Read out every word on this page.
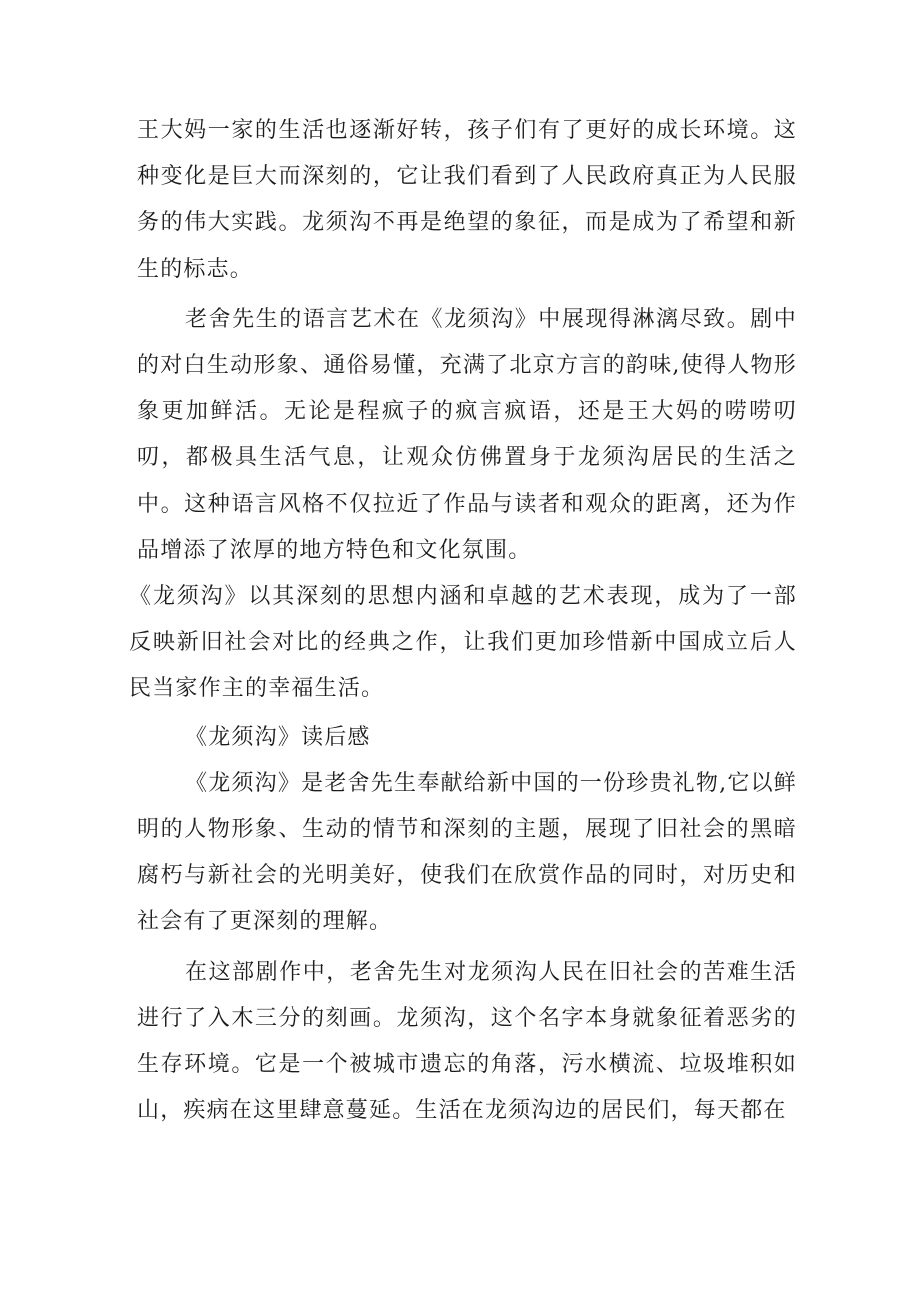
王大妈一家的生活也逐渐好转，孩子们有了更好的成长环境。这种变化是巨大而深刻的，它让我们看到了人民政府真正为人民服务的伟大实践。龙须沟不再是绝望的象征，而是成为了希望和新生的标志。

老舍先生的语言艺术在《龙须沟》中展现得淋漓尽致。剧中的对白生动形象、通俗易懂，充满了北京方言的韵味,使得人物形象更加鲜活。无论是程疯子的疯言疯语，还是王大妈的唠唠叨叨，都极具生活气息，让观众仿佛置身于龙须沟居民的生活之中。这种语言风格不仅拉近了作品与读者和观众的距离，还为作品增添了浓厚的地方特色和文化氛围。

《龙须沟》以其深刻的思想内涵和卓越的艺术表现，成为了一部反映新旧社会对比的经典之作，让我们更加珍惜新中国成立后人民当家作主的幸福生活。

《龙须沟》读后感

《龙须沟》是老舍先生奉献给新中国的一份珍贵礼物,它以鲜明的人物形象、生动的情节和深刻的主题，展现了旧社会的黑暗腐朽与新社会的光明美好，使我们在欣赏作品的同时，对历史和社会有了更深刻的理解。

在这部剧作中，老舍先生对龙须沟人民在旧社会的苦难生活进行了入木三分的刻画。龙须沟，这个名字本身就象征着恶劣的生存环境。它是一个被城市遗忘的角落，污水横流、垃圾堆积如山，疾病在这里肆意蔓延。生活在龙须沟边的居民们，每天都在
